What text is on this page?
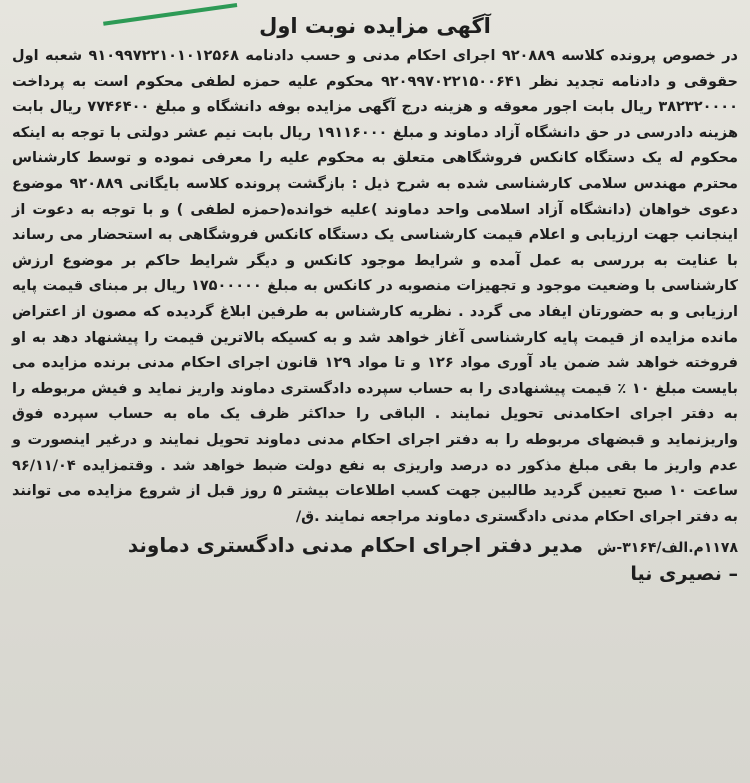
آگهی مزایده نوبت اول
در خصوص پرونده کلاسه ۹۲۰۸۸۹ اجرای احکام مدنی و حسب دادنامه ۹۱۰۹۹۷۲۲۱۰۱۰۱۲۵۶۸ شعبه اول حقوقی و دادنامه تجدید نظر ۹۲۰۹۹۷۰۲۲۱۵۰۰۶۴۱ محکوم علیه حمزه لطفی محکوم است به پرداخت ۳۸۲۳۲۰۰۰۰ ریال بابت اجور معوقه و هزینه درج آگهی مزایده بوفه دانشگاه و مبلغ ۷۷۴۶۴۰۰ ریال بابت هزینه دادرسی در حق دانشگاه آزاد دماوند و مبلغ ۱۹۱۱۶۰۰۰ ریال بابت نیم عشر دولتی با توجه به اینکه محکوم له یک دستگاه کانکس فروشگاهی متعلق به محکوم علیه را معرفی نموده و توسط کارشناس محترم مهندس سلامی کارشناسی شده به شرح ذیل : بازگشت پرونده کلاسه بایگانی ۹۲۰۸۸۹ موضوع دعوی خواهان (دانشگاه آزاد اسلامی واحد دماوند )علیه خوانده(حمزه لطفی ) و با توجه به دعوت از اینجانب جهت ارزیابی و اعلام قیمت کارشناسی یک دستگاه کانکس فروشگاهی به استحضار می رساند با عنایت به بررسی به عمل آمده و شرایط موجود کانکس و دیگر شرایط حاکم بر موضوع ارزش کارشناسی با وضعیت موجود و تجهیزات منصوبه در کانکس به مبلغ ۱۷۵۰۰۰۰۰ ریال بر مبنای قیمت پایه ارزیابی و به حضورتان ایفاد می گردد . نظریه کارشناس به طرفین ابلاغ گردیده که مصون از اعتراض مانده مزایده از قیمت پایه کارشناسی آغاز خواهد شد و به کسیکه بالاترین قیمت را پیشنهاد دهد به او فروخته خواهد شد ضمن یاد آوری مواد ۱۲۶ و تا مواد ۱۲۹ قانون اجرای احکام مدنی برنده مزایده می بایست مبلغ ۱۰ ٪ قیمت پیشنهادی را به حساب سپرده دادگستری دماوند واریز نماید و فیش مربوطه را به دفتر اجرای احکامدنی تحویل نمایند . الباقی را حداکثر ظرف یک ماه به حساب سپرده فوق واریزنماید و قبضهای مربوطه را به دفتر اجرای احکام مدنی دماوند تحویل نمایند و درغیر اینصورت و عدم واریز ما بقی مبلغ مذکور ده درصد واریزی به نفع دولت ضبط خواهد شد . وقتمزایده ۹۶/۱۱/۰۴ ساعت ۱۰ صبح تعیین گردید طالبین جهت کسب اطلاعات بیشتر ۵ روز قبل از شروع مزایده می توانند به دفتر اجرای احکام مدنی دادگستری دماوند مراجعه نمایند .ق/
۱۱۷۸م.الف/۳۱۶۴-ش
مدیر دفتر اجرای احکام مدنی دادگستری دماوند
– نصیری نیا
